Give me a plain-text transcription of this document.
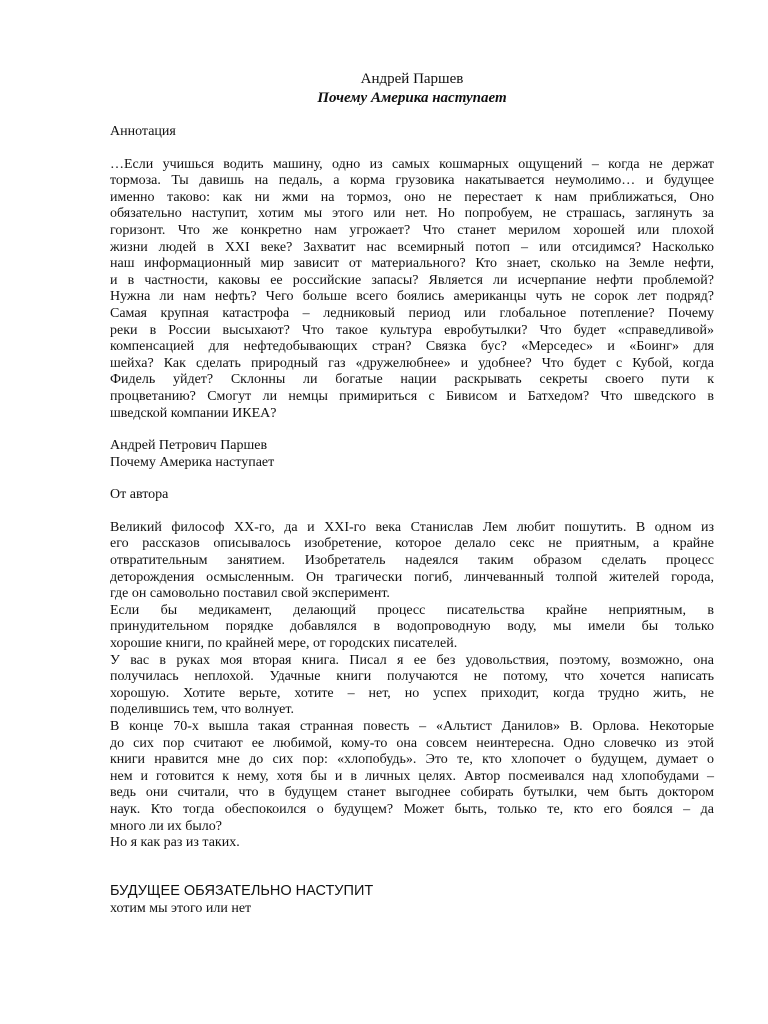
Андрей Паршев

Почему Америка наступает

Аннотация

…Если учишься водить машину, одно из самых кошмарных ощущений – когда не держат
тормоза. Ты давишь на педаль, а корма грузовика накатывается неумолимо… и будущее
именно таково: как ни жми на тормоз, оно не перестает к нам приближаться, Оно
обязательно наступит, хотим мы этого или нет. Но попробуем, не страшась, заглянуть за
горизонт. Что же конкретно нам угрожает? Что станет мерилом хорошей или плохой
жизни людей в XXI веке? Захватит нас всемирный потоп – или отсидимся? Насколько
наш информационный мир зависит от материального? Кто знает, сколько на Земле нефти,
и в частности, каковы ее российские запасы? Является ли исчерпание нефти проблемой?
Нужна ли нам нефть? Чего больше всего боялись американцы чуть не сорок лет подряд?
Самая крупная катастрофа – ледниковый период или глобальное потепление? Почему
реки в России высыхают? Что такое культура евробутылки? Что будет «справедливой»
компенсацией для нефтедобывающих стран? Связка бус? «Мерседес» и «Боинг» для
шейха? Как сделать природный газ «дружелюбнее» и удобнее? Что будет с Кубой, когда
Фидель уйдет? Склонны ли богатые нации раскрывать секреты своего пути к
процветанию? Смогут ли немцы примириться с Бивисом и Батхедом? Что шведского в
шведской компании ИКЕА?
Андрей Петрович Паршев
Почему Америка наступает
От автора
Великий философ XX-го, да и XXI-го века Станислав Лем любит пошутить. В одном из
его рассказов описывалось изобретение, которое делало секс не приятным, а крайне
отвратительным занятием. Изобретатель надеялся таким образом сделать процесс
деторождения осмысленным. Он трагически погиб, линчеванный толпой жителей города,
где он самовольно поставил свой эксперимент.
Если бы медикамент, делающий процесс писательства крайне неприятным, в
принудительном порядке добавлялся в водопроводную воду, мы имели бы только
хорошие книги, по крайней мере, от городских писателей.
У вас в руках моя вторая книга. Писал я ее без удовольствия, поэтому, возможно, она
получилась неплохой. Удачные книги получаются не потому, что хочется написать
хорошую. Хотите верьте, хотите – нет, но успех приходит, когда трудно жить, не
поделившись тем, что волнует.
В конце 70-х вышла такая странная повесть – «Альтист Данилов» В. Орлова. Некоторые
до сих пор считают ее любимой, кому-то она совсем неинтересна. Одно словечко из этой
книги нравится мне до сих пор: «хлопобудь». Это те, кто хлопочет о будущем, думает о
нем и готовится к нему, хотя бы и в личных целях. Автор посмеивался над хлопобудами –
ведь они считали, что в будущем станет выгоднее собирать бутылки, чем быть доктором
наук. Кто тогда обеспокоился о будущем? Может быть, только те, кто его боялся – да
много ли их было?
Но я как раз из таких.

БУДУЩЕЕ ОБЯЗАТЕЛЬНО НАСТУПИТ

хотим мы этого или нет
